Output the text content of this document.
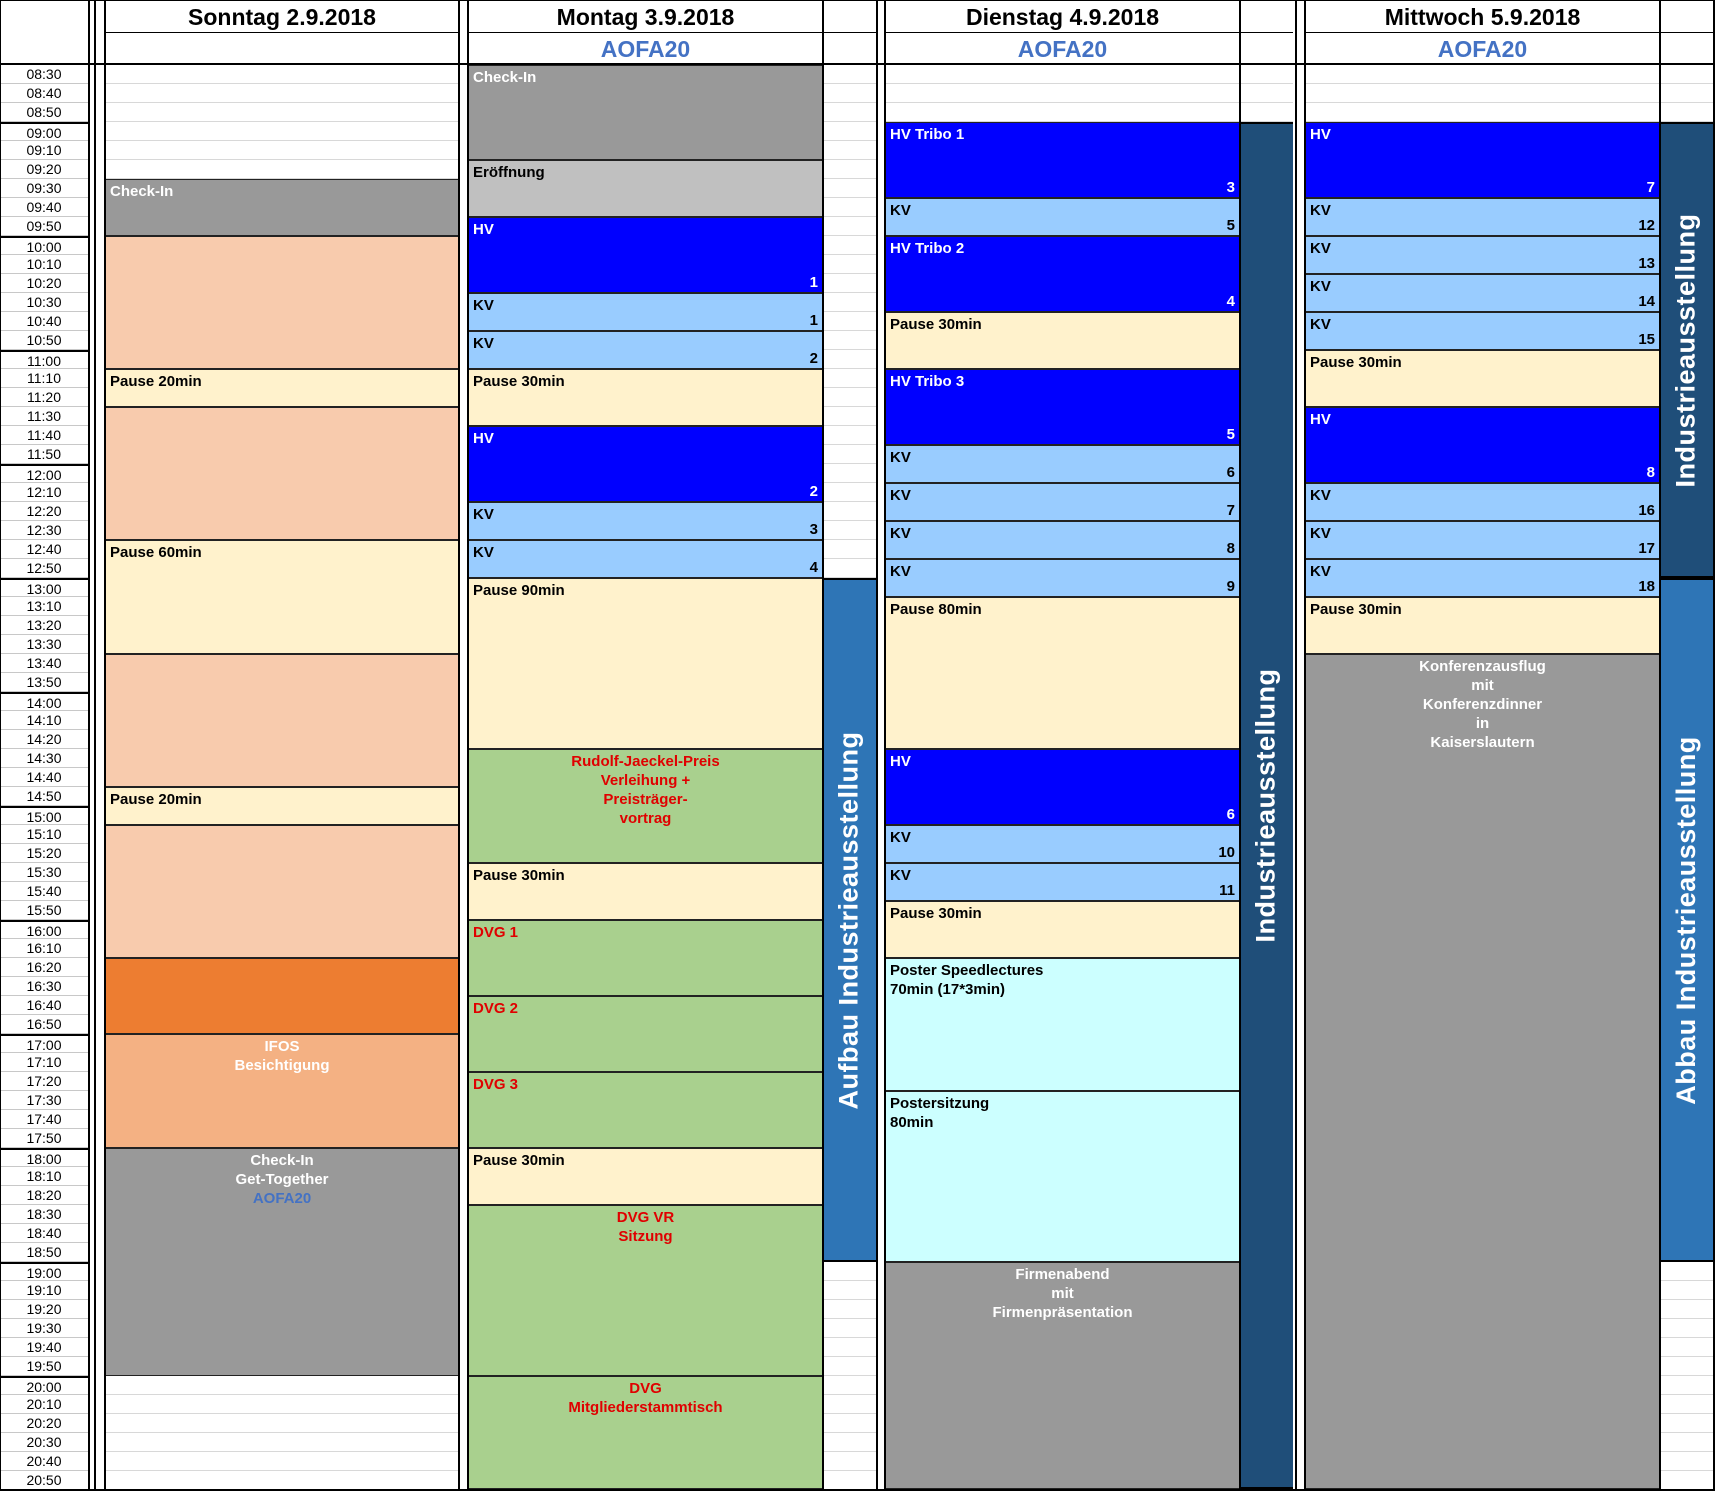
08:30
08:40
08:50
09:00
09:10
09:20
09:30
09:40
09:50
10:00
10:10
10:20
10:30
10:40
10:50
11:00
11:10
11:20
11:30
11:40
11:50
12:00
12:10
12:20
12:30
12:40
12:50
13:00
13:10
13:20
13:30
13:40
13:50
14:00
14:10
14:20
14:30
14:40
14:50
15:00
15:10
15:20
15:30
15:40
15:50
16:00
16:10
16:20
16:30
16:40
16:50
17:00
17:10
17:20
17:30
17:40
17:50
18:00
18:10
18:20
18:30
18:40
18:50
19:00
19:10
19:20
19:30
19:40
19:50
20:00
20:10
20:20
20:30
20:40
20:50
Sonntag 2.9.2018
Check-In
Pause 20min
Pause 60min
Pause 20min
IFOS
Besichtigung
Check-In
Get-Together
AOFA20
Montag 3.9.2018
AOFA20
Check-In
Eröffnung
HV
1
KV
1
KV
2
Pause 30min
HV
2
KV
3
KV
4
Pause 90min
Rudolf-Jaeckel-Preis
Verleihung +
Preisträger-
vortrag
Pause 30min
DVG 1
DVG 2
DVG 3
Pause 30min
DVG VR
Sitzung
DVG
Mitgliederstammtisch
Aufbau Industrieausstellung
Dienstag 4.9.2018
AOFA20
HV Tribo 1
3
KV
5
HV Tribo 2
4
Pause 30min
HV Tribo 3
5
KV
6
KV
7
KV
8
KV
9
Pause 80min
HV
6
KV
10
KV
11
Pause 30min
Poster Speedlectures
70min (17*3min)
Postersitzung
80min
Firmenabend
mit
Firmenpräsentation
Industrieausstellung
Mittwoch 5.9.2018
AOFA20
HV
7
KV
12
KV
13
KV
14
KV
15
Pause 30min
HV
8
KV
16
KV
17
KV
18
Pause 30min
Konferenzausflug
mit
Konferenzdinner
in
Kaiserslautern
Industrieausstellung
Abbau Industrieausstellung
